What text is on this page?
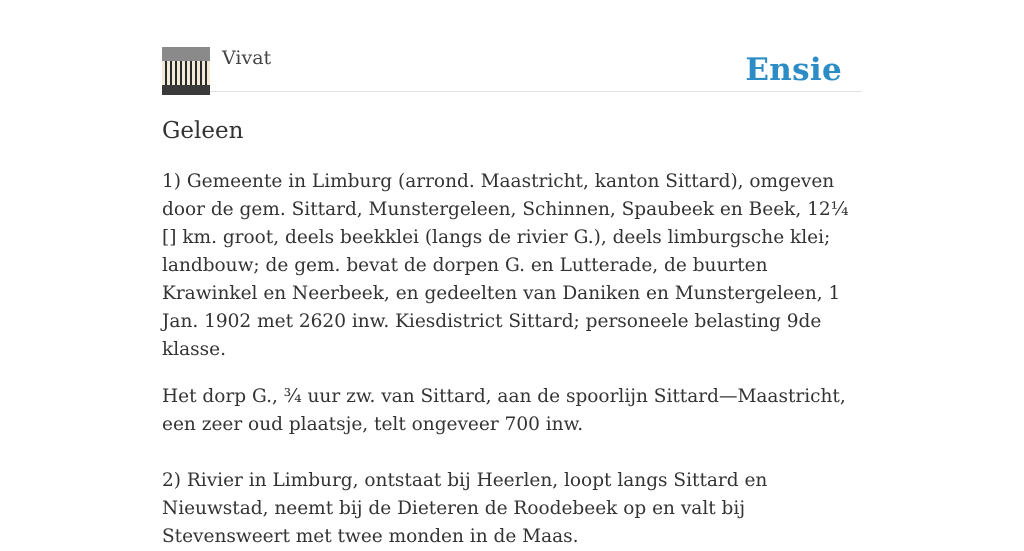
Vivat	Ensie
Geleen

1) Gemeente in Limburg (arrond. Maastricht, kanton Sittard), omgeven door de gem. Sittard, Munstergeleen, Schinnen, Spaubeek en Beek, 12¼ [] km. groot, deels beekklei (langs de rivier G.), deels limburgsche klei; landbouw; de gem. bevat de dorpen G. en Lutterade, de buurten Krawinkel en Neerbeek, en gedeelten van Daniken en Munstergeleen, 1 Jan. 1902 met 2620 inw. Kiesdistrict Sittard; personeele belasting 9de klasse.

Het dorp G., ¾ uur zw. van Sittard, aan de spoorlijn Sittard—Maastricht, een zeer oud plaatsje, telt ongeveer 700 inw.

2) Rivier in Limburg, ontstaat bij Heerlen, loopt langs Sittard en Nieuwstad, neemt bij de Dieteren de Roodebeek op en valt bij Stevensweert met twee monden in de Maas.
